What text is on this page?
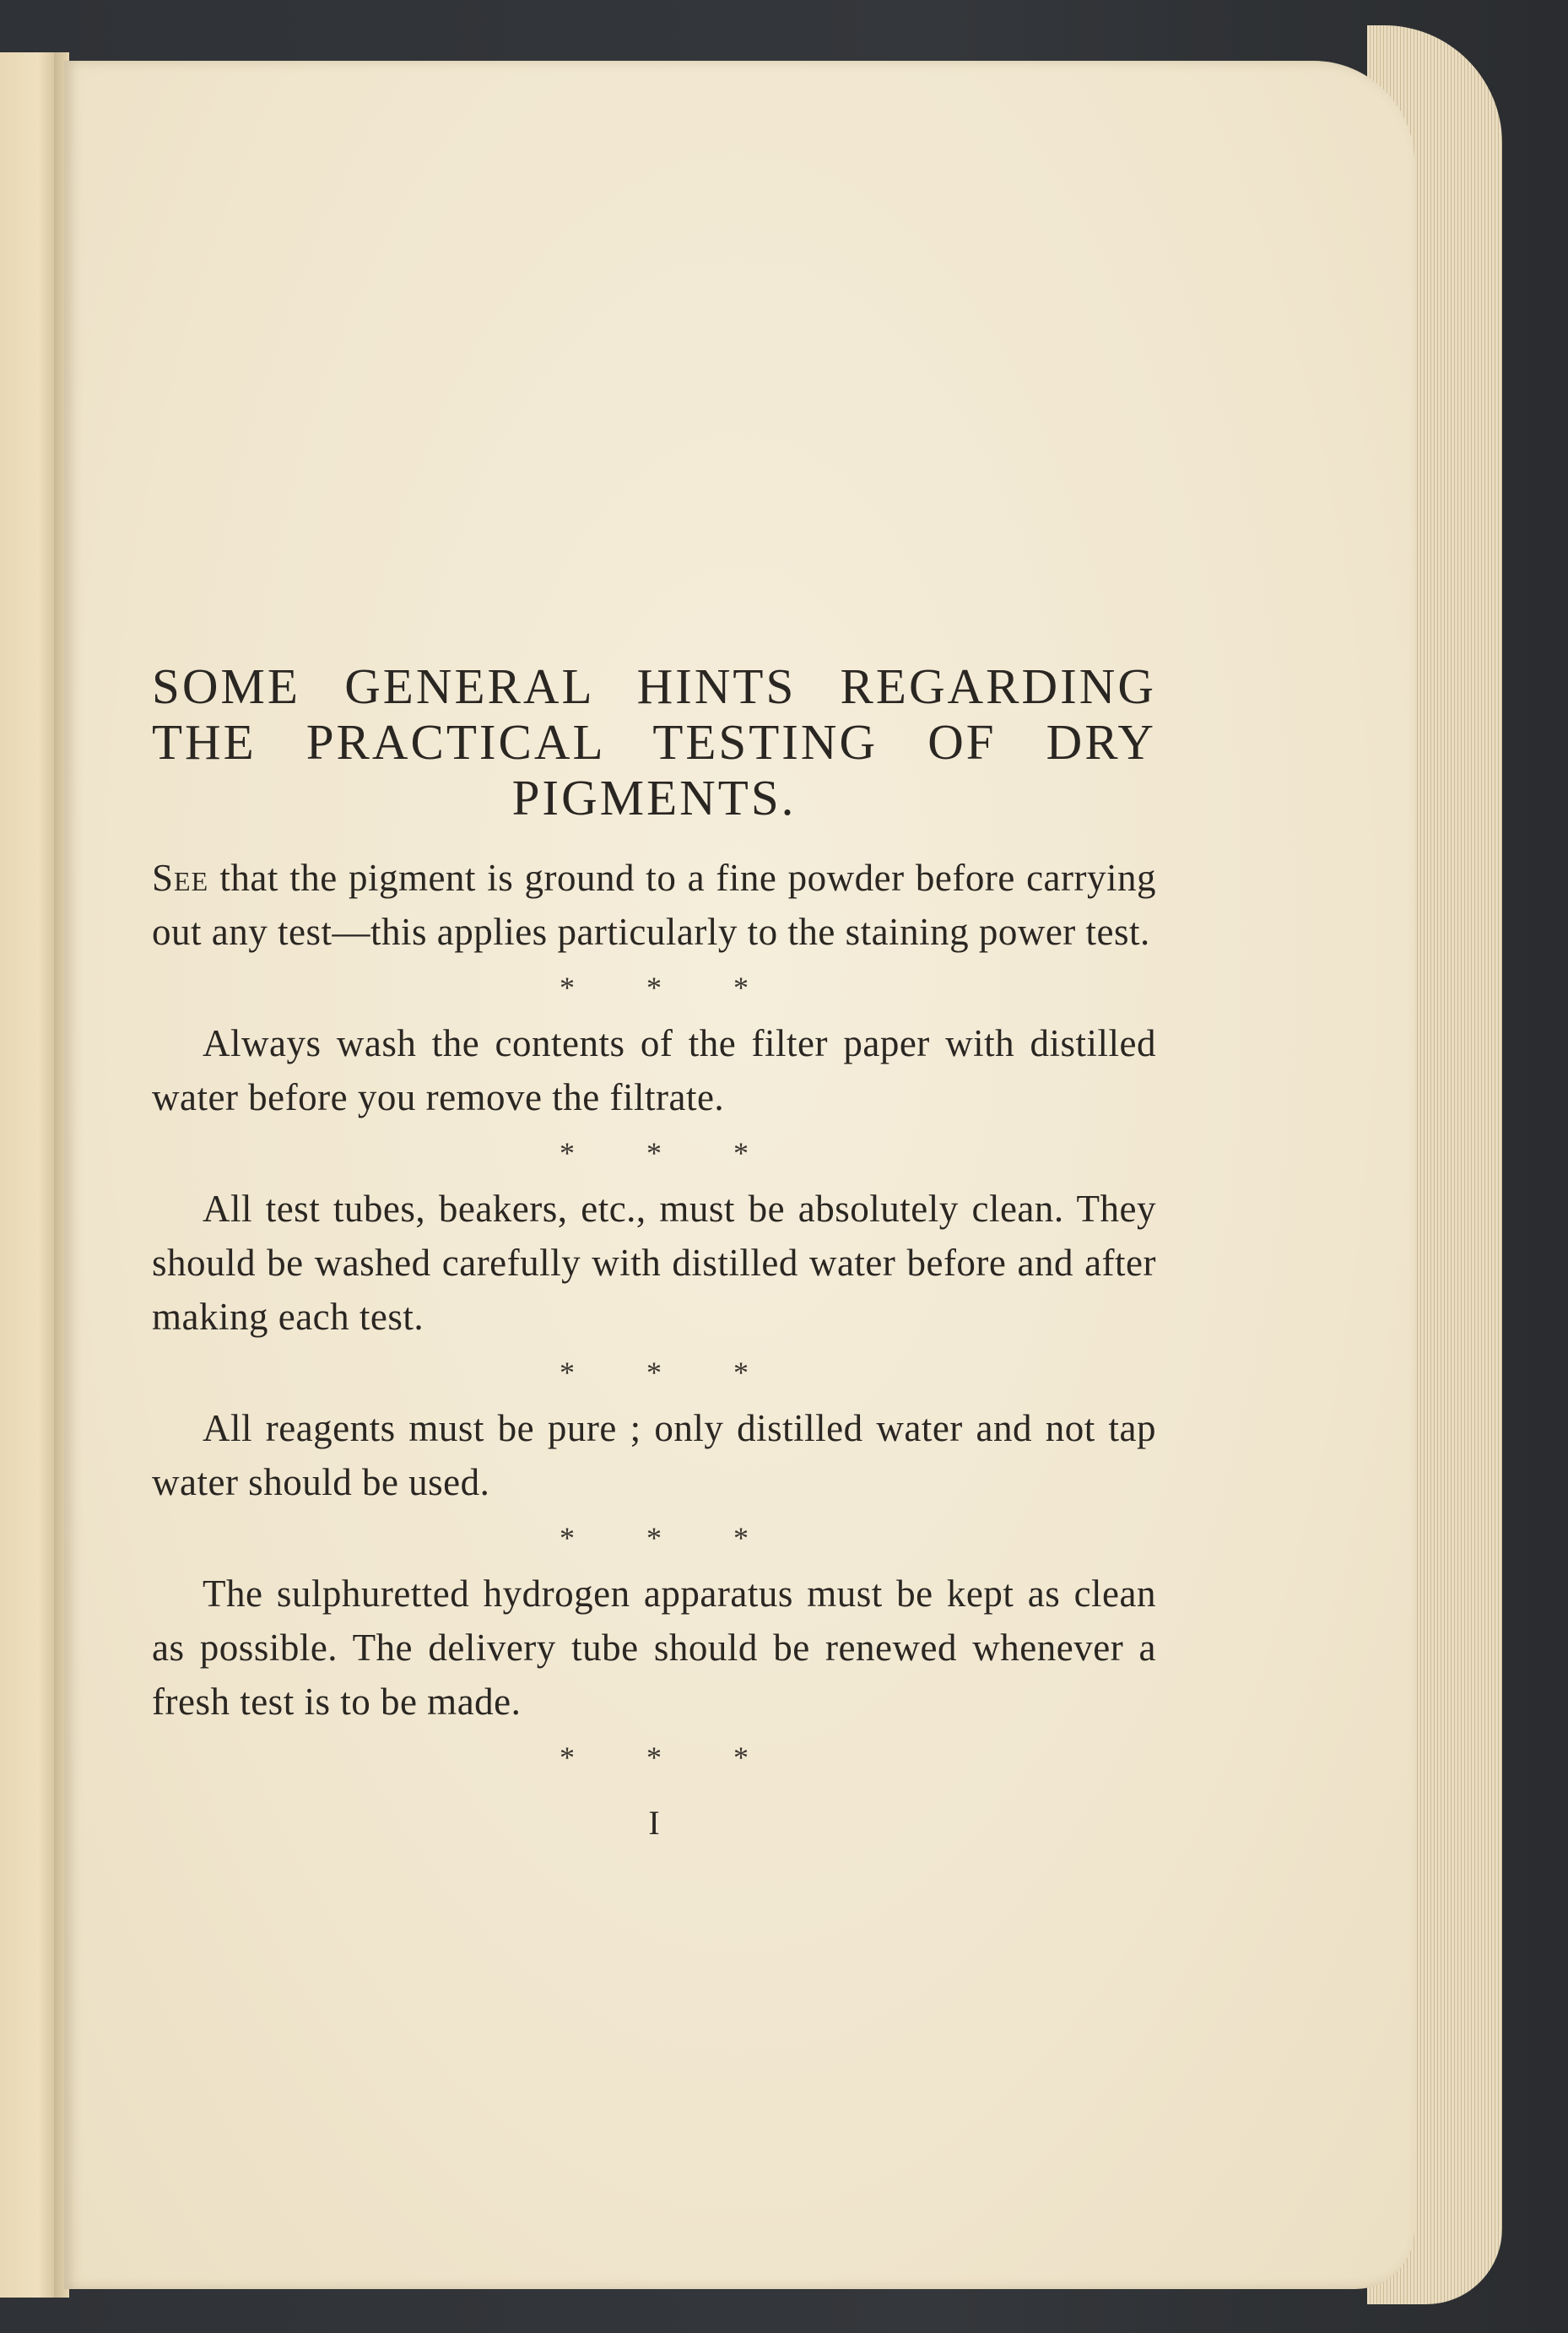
SOME GENERAL HINTS REGARDING THE PRACTICAL TESTING OF DRY PIGMENTS.

See that the pigment is ground to a fine powder before carrying out any test—this applies particularly to the staining power test.

* * *

Always wash the contents of the filter paper with distilled water before you remove the filtrate.

* * *

All test tubes, beakers, etc., must be absolutely clean. They should be washed carefully with distilled water before and after making each test.

* * *

All reagents must be pure ; only distilled water and not tap water should be used.

* * *

The sulphuretted hydrogen apparatus must be kept as clean as possible. The delivery tube should be renewed whenever a fresh test is to be made.

* * *
I
